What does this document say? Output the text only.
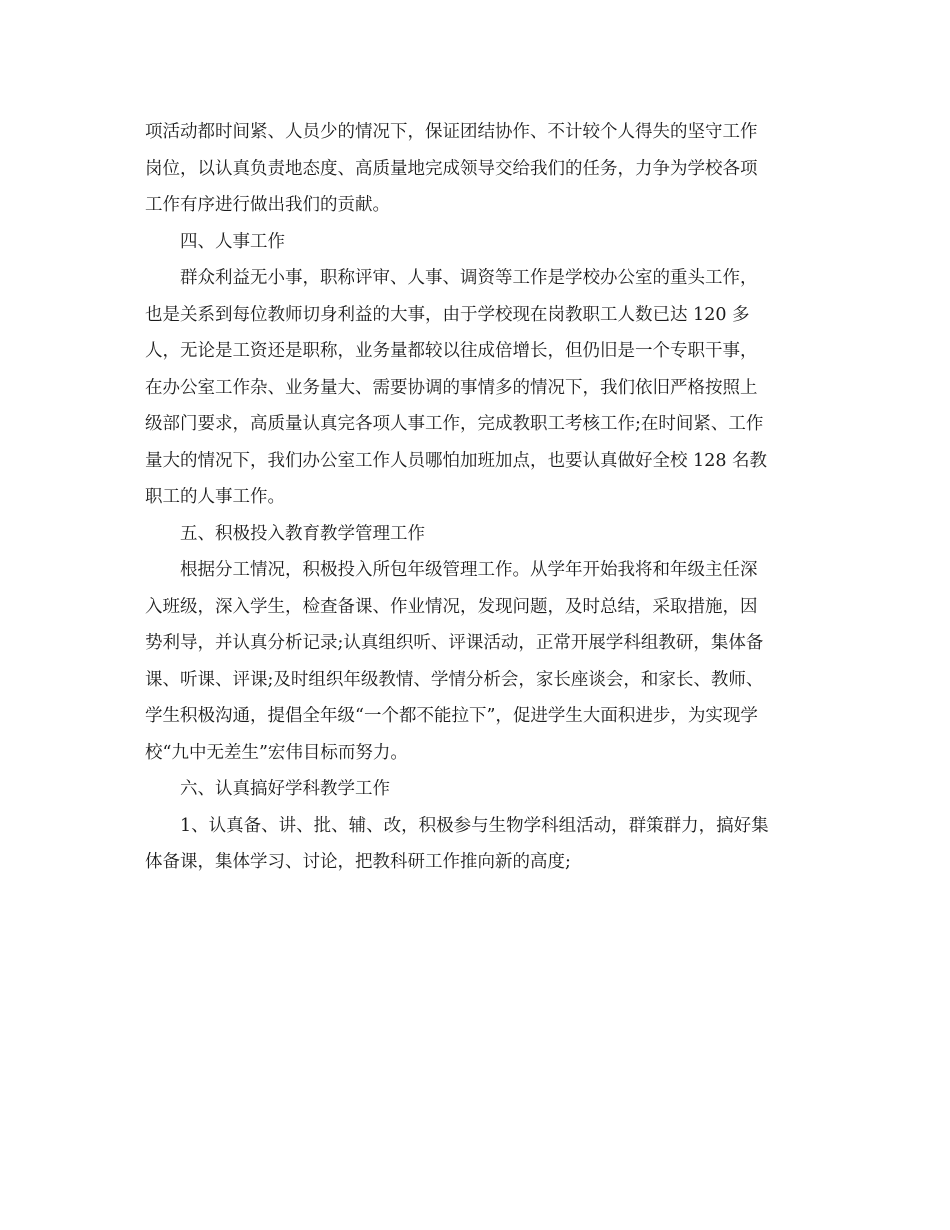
项活动都时间紧、人员少的情况下，保证团结协作、不计较个人得失的坚守工作
岗位，以认真负责地态度、高质量地完成领导交给我们的任务，力争为学校各项
工作有序进行做出我们的贡献。

四、人事工作

群众利益无小事，职称评审、人事、调资等工作是学校办公室的重头工作，
也是关系到每位教师切身利益的大事，由于学校现在岗教职工人数已达 120 多
人，无论是工资还是职称，业务量都较以往成倍增长，但仍旧是一个专职干事，
在办公室工作杂、业务量大、需要协调的事情多的情况下，我们依旧严格按照上
级部门要求，高质量认真完各项人事工作，完成教职工考核工作;在时间紧、工作
量大的情况下，我们办公室工作人员哪怕加班加点，也要认真做好全校 128 名教
职工的人事工作。

五、积极投入教育教学管理工作

根据分工情况，积极投入所包年级管理工作。从学年开始我将和年级主任深
入班级，深入学生，检查备课、作业情况，发现问题，及时总结，采取措施，因
势利导，并认真分析记录;认真组织听、评课活动，正常开展学科组教研，集体备
课、听课、评课;及时组织年级教情、学情分析会，家长座谈会，和家长、教师、
学生积极沟通，提倡全年级“一个都不能拉下”，促进学生大面积进步，为实现学
校“九中无差生”宏伟目标而努力。

六、认真搞好学科教学工作

1、认真备、讲、批、辅、改，积极参与生物学科组活动，群策群力，搞好集
体备课，集体学习、讨论，把教科研工作推向新的高度;
